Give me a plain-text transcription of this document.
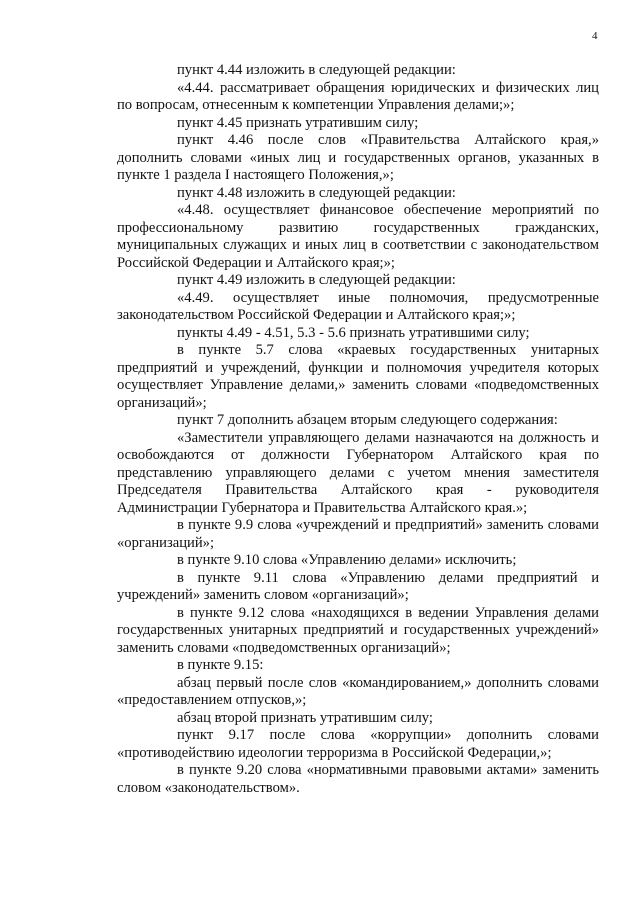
4

пункт 4.44 изложить в следующей редакции:

«4.44. рассматривает обращения юридических и физических лиц по вопросам, отнесенным к компетенции Управления делами;»;

пункт 4.45 признать утратившим силу;

пункт 4.46 после слов «Правительства Алтайского края,» дополнить словами «иных лиц и государственных органов, указанных в пункте 1 раздела I настоящего Положения,»;

пункт 4.48 изложить в следующей редакции:

«4.48. осуществляет финансовое обеспечение мероприятий по профессиональному развитию государственных гражданских, муниципальных служащих и иных лиц в соответствии с законодательством Российской Федерации и Алтайского края;»;

пункт 4.49 изложить в следующей редакции:

«4.49. осуществляет иные полномочия, предусмотренные законодательством Российской Федерации и Алтайского края;»;

пункты 4.49 - 4.51, 5.3 - 5.6 признать утратившими силу;

в пункте 5.7 слова «краевых государственных унитарных предприятий и учреждений, функции и полномочия учредителя которых осуществляет Управление делами,» заменить словами «подведомственных организаций»;

пункт 7 дополнить абзацем вторым следующего содержания:

«Заместители управляющего делами назначаются на должность и освобождаются от должности Губернатором Алтайского края по представлению управляющего делами с учетом мнения заместителя Председателя Правительства Алтайского края - руководителя Администрации Губернатора и Правительства Алтайского края.»;

в пункте 9.9 слова «учреждений и предприятий» заменить словами «организаций»;

в пункте 9.10 слова «Управлению делами» исключить;

в пункте 9.11 слова «Управлению делами предприятий и учреждений» заменить словом «организаций»;

в пункте 9.12 слова «находящихся в ведении Управления делами государственных унитарных предприятий и государственных учреждений» заменить словами «подведомственных организаций»;

в пункте 9.15:

абзац первый после слов «командированием,» дополнить словами «предоставлением отпусков,»;

абзац второй признать утратившим силу;

пункт 9.17 после слова «коррупции» дополнить словами «противодействию идеологии терроризма в Российской Федерации,»;

в пункте 9.20 слова «нормативными правовыми актами» заменить словом «законодательством».
